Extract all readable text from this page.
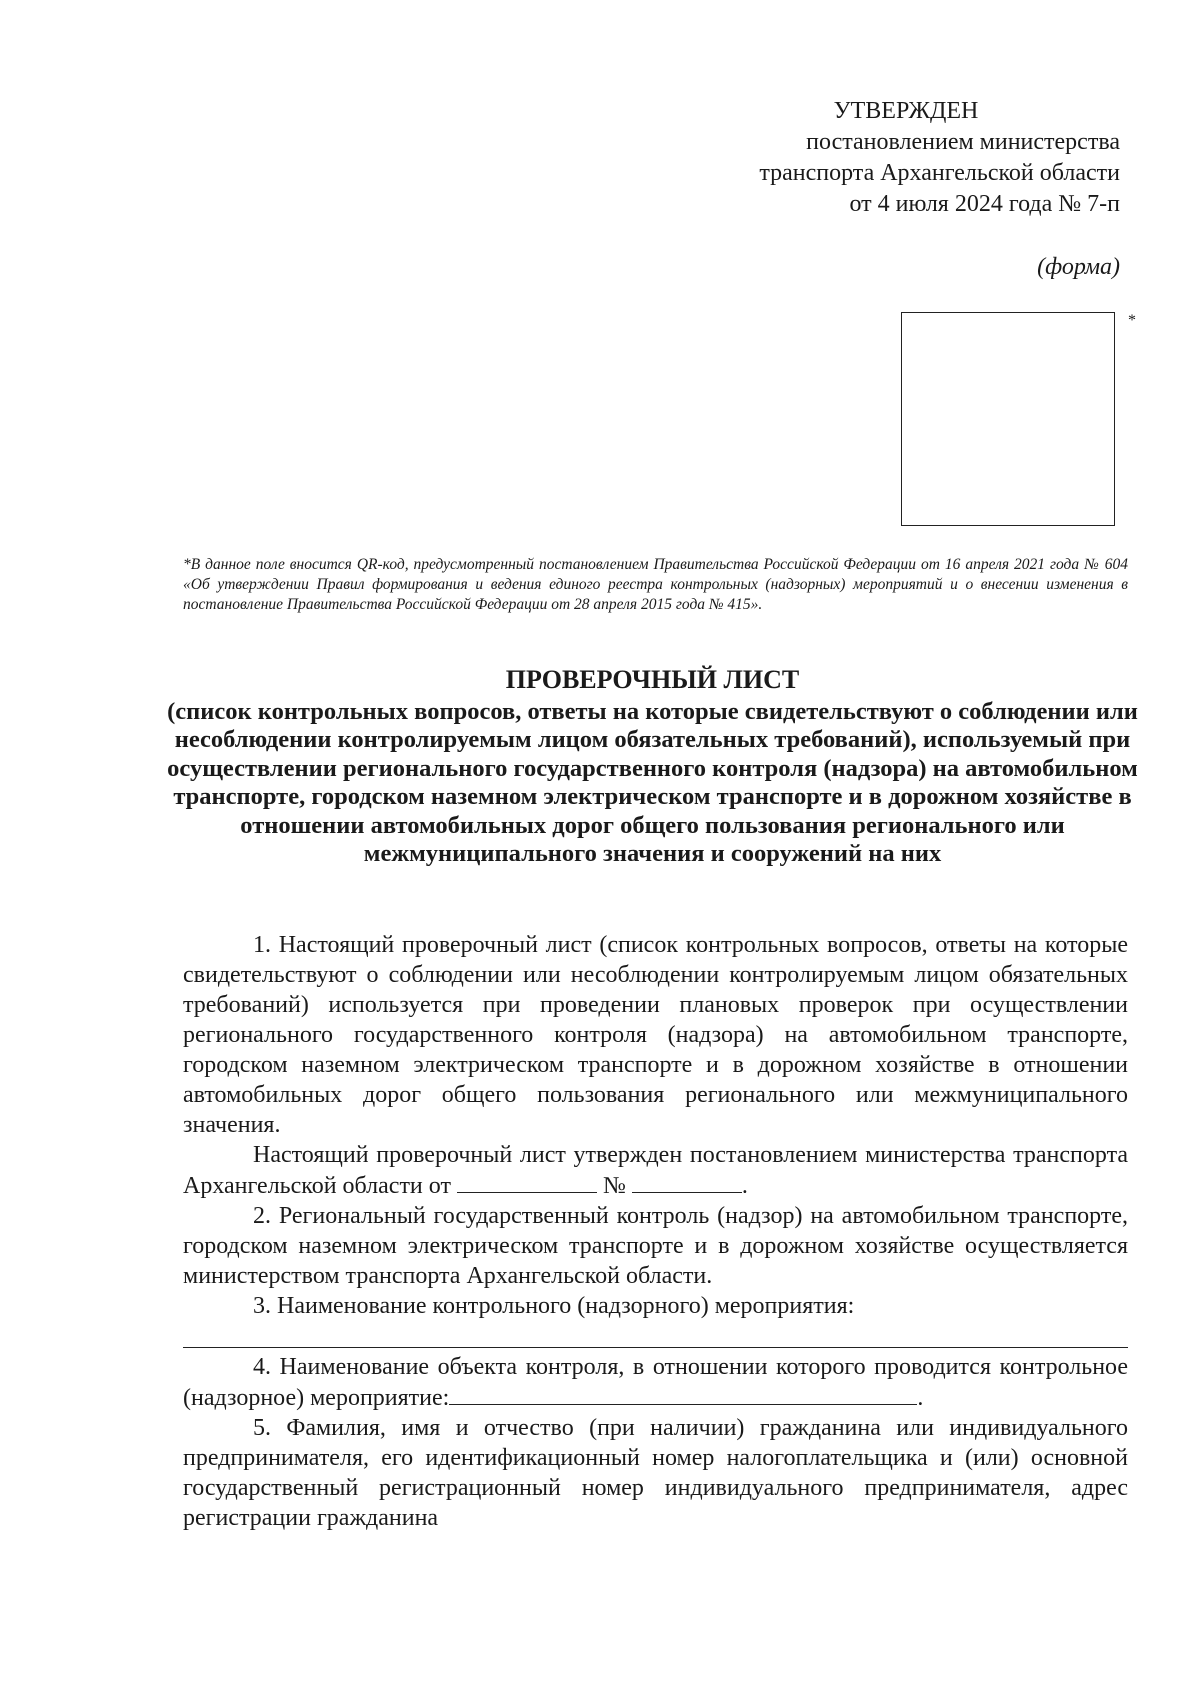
УТВЕРЖДЕН
постановлением министерства
транспорта Архангельской области
от 4 июля 2024 года № 7-п
(форма)
*
*В данное поле вносится QR-код, предусмотренный постановлением Правительства Российской Федерации от 16 апреля 2021 года № 604 «Об утверждении Правил формирования и ведения единого реестра контрольных (надзорных) мероприятий и о внесении изменения в постановление Правительства Российской Федерации от 28 апреля 2015 года № 415».
ПРОВЕРОЧНЫЙ ЛИСТ
(список контрольных вопросов, ответы на которые свидетельствуют о соблюдении или несоблюдении контролируемым лицом обязательных требований), используемый при осуществлении регионального государственного контроля (надзора) на автомобильном транспорте, городском наземном электрическом транспорте и в дорожном хозяйстве в отношении автомобильных дорог общего пользования регионального или межмуниципального значения и сооружений на них

1. Настоящий проверочный лист (список контрольных вопросов, ответы на которые свидетельствуют о соблюдении или несоблюдении контролируемым лицом обязательных требований) используется при проведении плановых проверок при осуществлении регионального государственного контроля (надзора) на автомобильном транспорте, городском наземном электрическом транспорте и в дорожном хозяйстве в отношении автомобильных дорог общего пользования регионального или межмуниципального значения.

Настоящий проверочный лист утвержден постановлением министерства транспорта Архангельской области от	№	.

2. Региональный государственный контроль (надзор) на автомобильном транспорте, городском наземном электрическом транспорте и в дорожном хозяйстве осуществляется министерством транспорта Архангельской области.

3. Наименование контрольного (надзорного) мероприятия:

4. Наименование объекта контроля, в отношении которого проводится контрольное (надзорное) мероприятие:	.

5. Фамилия, имя и отчество (при наличии) гражданина или индивидуального предпринимателя, его идентификационный номер налогоплательщика и (или) основной государственный регистрационный номер индивидуального предпринимателя, адрес регистрации гражданина
